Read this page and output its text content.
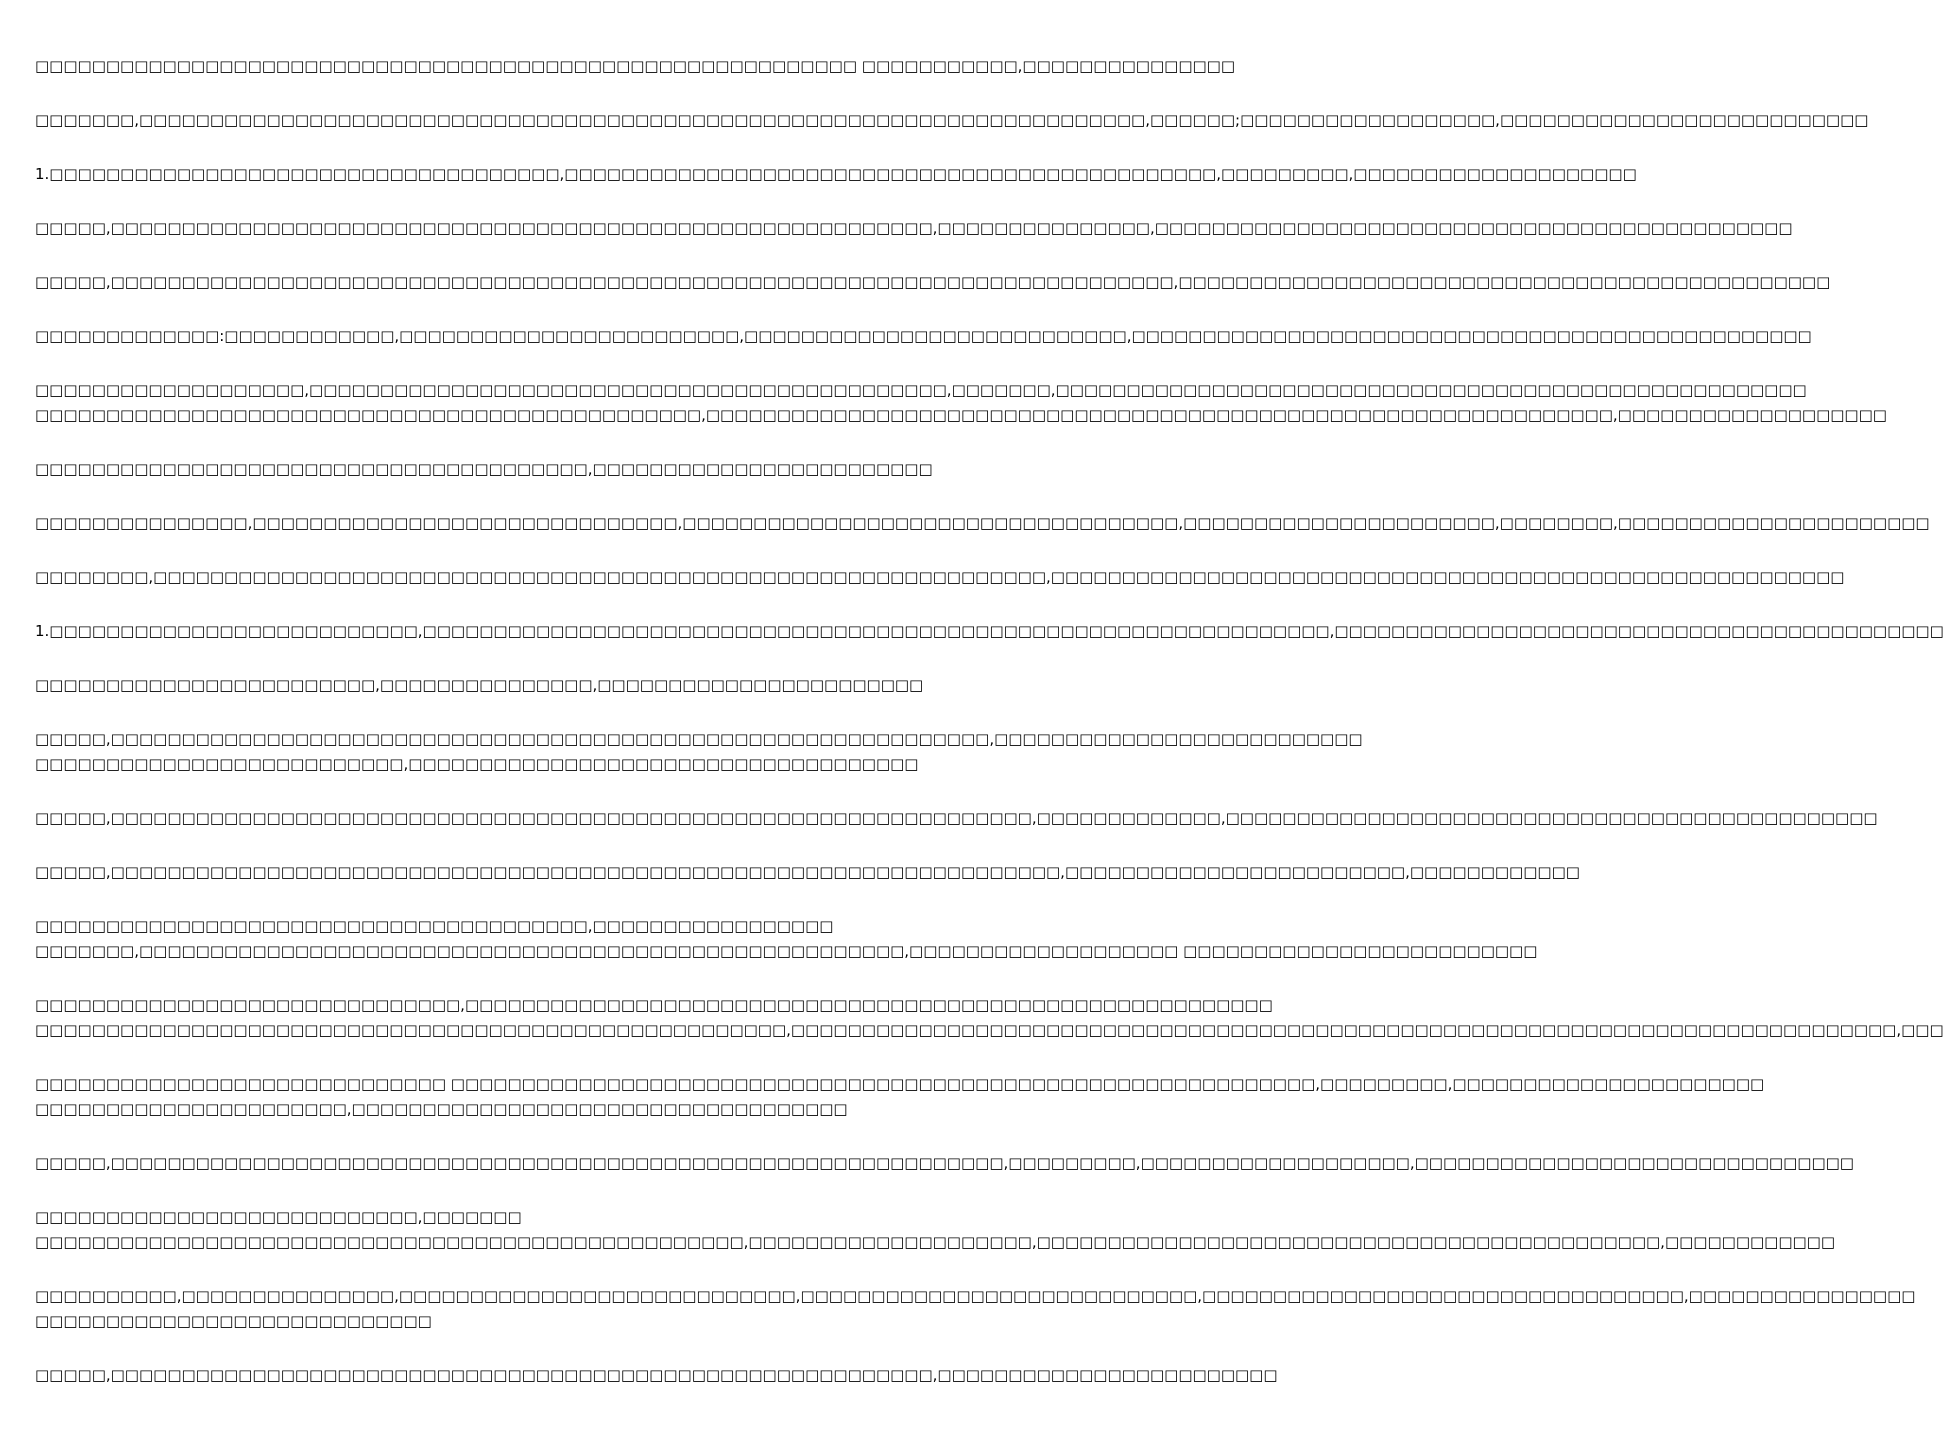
□□□□□□□□□□□□□□□□□□□□□□□□□□□□□□□□□□□□□□□□□□□□□□□□□□□□□□□□□□ □□□□□□□□□□□,□□□□□□□□□□□□□□□

□□□□□□□,□□□□□□□□□□□□□□□□□□□□□□□□□□□□□□□□□□□□□□□□□□□□□□□□□□□□□□□□□□□□□□□□□□□□□□□,□□□□□□;□□□□□□□□□□□□□□□□□□,□□□□□□□□□□□□□□□□□□□□□□□□□□

1.□□□□□□□□□□□□□□□□□□□□□□□□□□□□□□□□□□□□,□□□□□□□□□□□□□□□□□□□□□□□□□□□□□□□□□□□□□□□□□□□□□□,□□□□□□□□□,□□□□□□□□□□□□□□□□□□□□

□□□□□,□□□□□□□□□□□□□□□□□□□□□□□□□□□□□□□□□□□□□□□□□□□□□□□□□□□□□□□□□□,□□□□□□□□□□□□□□□,□□□□□□□□□□□□□□□□□□□□□□□□□□□□□□□□□□□□□□□□□□□□□

□□□□□,□□□□□□□□□□□□□□□□□□□□□□□□□□□□□□□□□□□□□□□□□□□□□□□□□□□□□□□□□□□□□□□□□□□□□□□□□□□,□□□□□□□□□□□□□□□□□□□□□□□□□□□□□□□□□□□□□□□□□□□□□□

□□□□□□□□□□□□□:□□□□□□□□□□□□,□□□□□□□□□□□□□□□□□□□□□□□□,□□□□□□□□□□□□□□□□□□□□□□□□□□□,□□□□□□□□□□□□□□□□□□□□□□□□□□□□□□□□□□□□□□□□□□□□□□□□

□□□□□□□□□□□□□□□□□□□,□□□□□□□□□□□□□□□□□□□□□□□□□□□□□□□□□□□□□□□□□□□□□,□□□□□□□,□□□□□□□□□□□□□□□□□□□□□□□□□□□□□□□□□□□□□□□□□□□□□□□□□□□□□
□□□□□□□□□□□□□□□□□□□□□□□□□□□□□□□□□□□□□□□□□□□□□□□,□□□□□□□□□□□□□□□□□□□□□□□□□□□□□□□□□□□□□□□□□□□□□□□□□□□□□□□□□□□□□□□□,□□□□□□□□□□□□□□□□□□□

□□□□□□□□□□□□□□□□□□□□□□□□□□□□□□□□□□□□□□□,□□□□□□□□□□□□□□□□□□□□□□□□

□□□□□□□□□□□□□□□,□□□□□□□□□□□□□□□□□□□□□□□□□□□□□□,□□□□□□□□□□□□□□□□□□□□□□□□□□□□□□□□□□□,□□□□□□□□□□□□□□□□□□□□□□,□□□□□□□□,□□□□□□□□□□□□□□□□□□□□□□

□□□□□□□□,□□□□□□□□□□□□□□□□□□□□□□□□□□□□□□□□□□□□□□□□□□□□□□□□□□□□□□□□□□□□□□□,□□□□□□□□□□□□□□□□□□□□□□□□□□□□□□□□□□□□□□□□□□□□□□□□□□□□□□□□

1.□□□□□□□□□□□□□□□□□□□□□□□□□□,□□□□□□□□□□□□□□□□□□□□□□□□□□□□□□□□□□□□□□□□□□□□□□□□□□□□□□□□□□□□□□□□,□□□□□□□□□□□□□□□□□□□□□□□□□□□□□□□□□□□□□□□□□□□

□□□□□□□□□□□□□□□□□□□□□□□□,□□□□□□□□□□□□□□□,□□□□□□□□□□□□□□□□□□□□□□□

□□□□□,□□□□□□□□□□□□□□□□□□□□□□□□□□□□□□□□□□□□□□□□□□□□□□□□□□□□□□□□□□□□□□,□□□□□□□□□□□□□□□□□□□□□□□□□□
□□□□□□□□□□□□□□□□□□□□□□□□□□,□□□□□□□□□□□□□□□□□□□□□□□□□□□□□□□□□□□□

□□□□□,□□□□□□□□□□□□□□□□□□□□□□□□□□□□□□□□□□□□□□□□□□□□□□□□□□□□□□□□□□□□□□□□□,□□□□□□□□□□□□□,□□□□□□□□□□□□□□□□□□□□□□□□□□□□□□□□□□□□□□□□□□□□□□

□□□□□,□□□□□□□□□□□□□□□□□□□□□□□□□□□□□□□□□□□□□□□□□□□□□□□□□□□□□□□□□□□□□□□□□□□,□□□□□□□□□□□□□□□□□□□□□□□□,□□□□□□□□□□□□

□□□□□□□□□□□□□□□□□□□□□□□□□□□□□□□□□□□□□□□,□□□□□□□□□□□□□□□□□
□□□□□□□,□□□□□□□□□□□□□□□□□□□□□□□□□□□□□□□□□□□□□□□□□□□□□□□□□□□□□□,□□□□□□□□□□□□□□□□□□□ □□□□□□□□□□□□□□□□□□□□□□□□□

□□□□□□□□□□□□□□□□□□□□□□□□□□□□□□,□□□□□□□□□□□□□□□□□□□□□□□□□□□□□□□□□□□□□□□□□□□□□□□□□□□□□□□□□
□□□□□□□□□□□□□□□□□□□□□□□□□□□□□□□□□□□□□□□□□□□□□□□□□□□□□,□□□□□□□□□□□□□□□□□□□□□□□□□□□□□□□□□□□□□□□□□□□□□□□□□□□□□□□□□□□□□□□□□□□□□□□□□□□□□□,□□□

□□□□□□□□□□□□□□□□□□□□□□□□□□□□□ □□□□□□□□□□□□□□□□□□□□□□□□□□□□□□□□□□□□□□□□□□□□□□□□□□□□□□□□□□□□□,□□□□□□□□□,□□□□□□□□□□□□□□□□□□□□□□
□□□□□□□□□□□□□□□□□□□□□□,□□□□□□□□□□□□□□□□□□□□□□□□□□□□□□□□□□□

□□□□□,□□□□□□□□□□□□□□□□□□□□□□□□□□□□□□□□□□□□□□□□□□□□□□□□□□□□□□□□□□□□□□□,□□□□□□□□□,□□□□□□□□□□□□□□□□□□□,□□□□□□□□□□□□□□□□□□□□□□□□□□□□□□□

□□□□□□□□□□□□□□□□□□□□□□□□□□□,□□□□□□□
□□□□□□□□□□□□□□□□□□□□□□□□□□□□□□□□□□□□□□□□□□□□□□□□□□,□□□□□□□□□□□□□□□□□□□□,□□□□□□□□□□□□□□□□□□□□□□□□□□□□□□□□□□□□□□□□□□□□,□□□□□□□□□□□□

□□□□□□□□□□,□□□□□□□□□□□□□□□,□□□□□□□□□□□□□□□□□□□□□□□□□□□□,□□□□□□□□□□□□□□□□□□□□□□□□□□□□,□□□□□□□□□□□□□□□□□□□□□□□□□□□□□□□□□□,□□□□□□□□□□□□□□□□
□□□□□□□□□□□□□□□□□□□□□□□□□□□□

□□□□□,□□□□□□□□□□□□□□□□□□□□□□□□□□□□□□□□□□□□□□□□□□□□□□□□□□□□□□□□□□,□□□□□□□□□□□□□□□□□□□□□□□□
